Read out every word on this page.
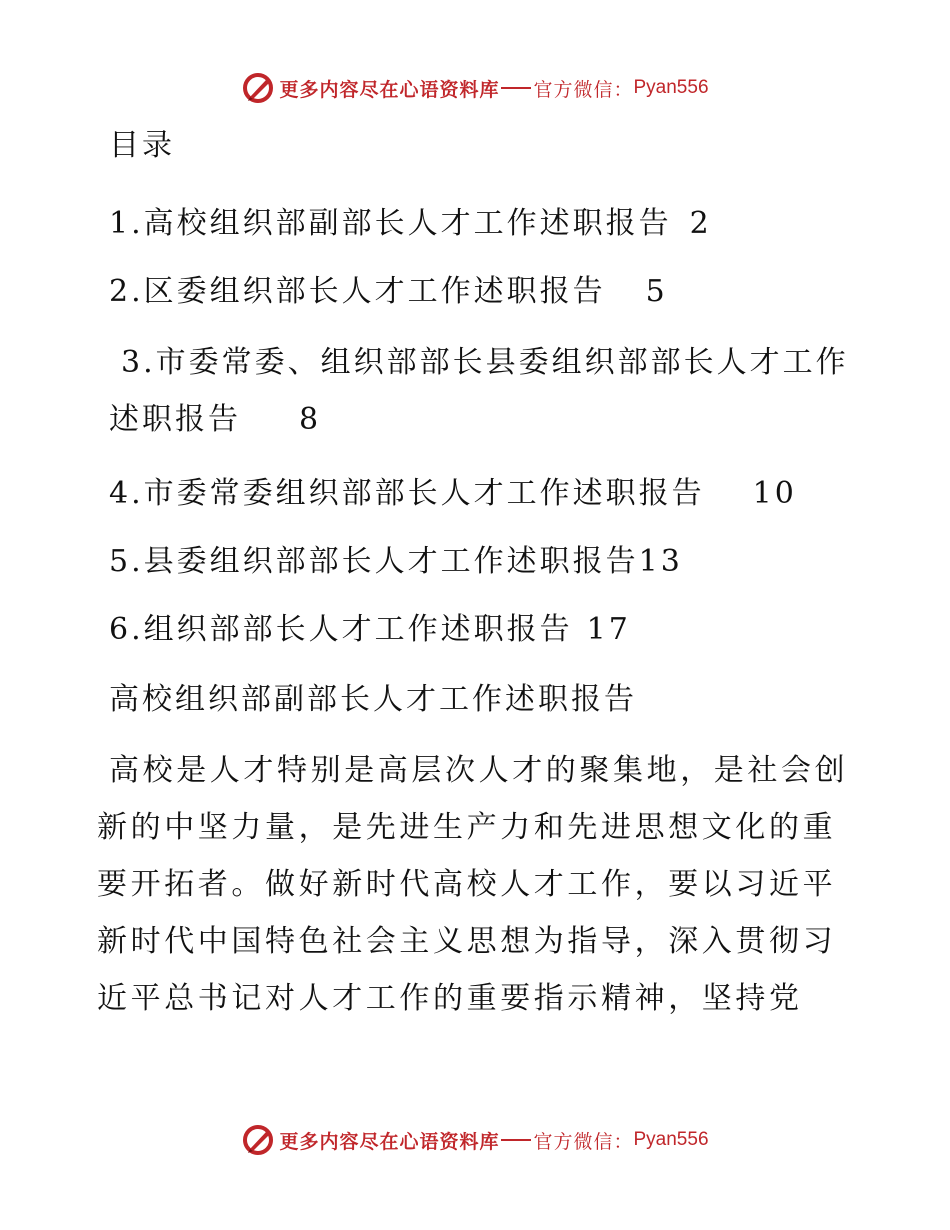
更多内容尽在心语资料库 官方微信： Pyan556
目录
1.高校组织部副部长人才工作述职报告 2
2.区委组织部长人才工作述职报告 5
3.市委常委、组织部部长县委组织部部长人才工作述职报告 8
4.市委常委组织部部长人才工作述职报告 10
5.县委组织部部长人才工作述职报告13
6.组织部部长人才工作述职报告 17
高校组织部副部长人才工作述职报告
高校是人才特别是高层次人才的聚集地，是社会创新的中坚力量，是先进生产力和先进思想文化的重要开拓者。做好新时代高校人才工作，要以习近平新时代中国特色社会主义思想为指导，深入贯彻习近平总书记对人才工作的重要指示精神，坚持党
更多内容尽在心语资料库 官方微信： Pyan556
